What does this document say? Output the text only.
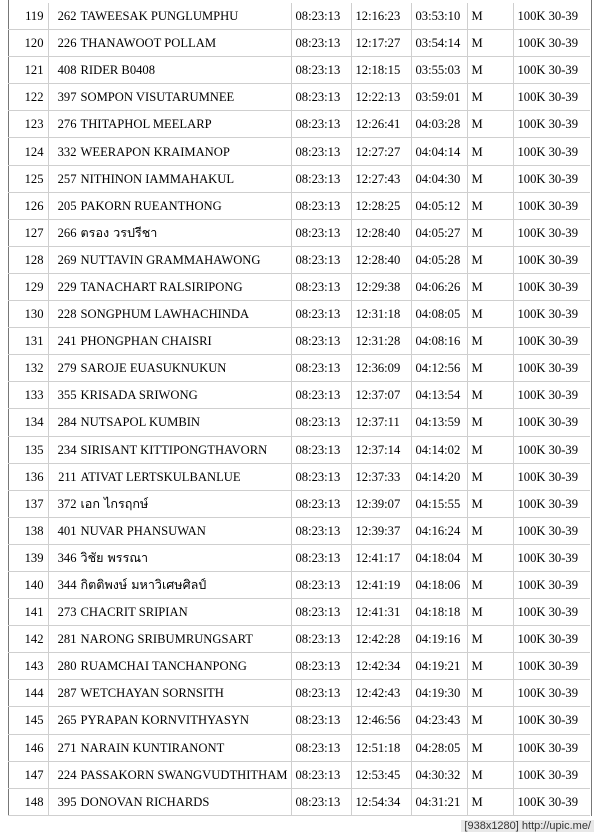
119	262 TAWEESAK PUNGLUMPHU	08:23:13	12:16:23	03:53:10	M	100K 30-39
120	226 THANAWOOT POLLAM	08:23:13	12:17:27	03:54:14	M	100K 30-39
121	408 RIDER B0408	08:23:13	12:18:15	03:55:03	M	100K 30-39
122	397 SOMPON VISUTARUMNEE	08:23:13	12:22:13	03:59:01	M	100K 30-39
123	276 THITAPHOL MEELARP	08:23:13	12:26:41	04:03:28	M	100K 30-39
124	332 WEERAPON KRAIMANOP	08:23:13	12:27:27	04:04:14	M	100K 30-39
125	257 NITHINON IAMMAHAKUL	08:23:13	12:27:43	04:04:30	M	100K 30-39
126	205 PAKORN RUEANTHONG	08:23:13	12:28:25	04:05:12	M	100K 30-39
127	266 ตรอง วรปรีชา	08:23:13	12:28:40	04:05:27	M	100K 30-39
128	269 NUTTAVIN GRAMMAHAWONG	08:23:13	12:28:40	04:05:28	M	100K 30-39
129	229 TANACHART RALSIRIPONG	08:23:13	12:29:38	04:06:26	M	100K 30-39
130	228 SONGPHUM LAWHACHINDA	08:23:13	12:31:18	04:08:05	M	100K 30-39
131	241 PHONGPHAN CHAISRI	08:23:13	12:31:28	04:08:16	M	100K 30-39
132	279 SAROJE EUASUKNUKUN	08:23:13	12:36:09	04:12:56	M	100K 30-39
133	355 KRISADA SRIWONG	08:23:13	12:37:07	04:13:54	M	100K 30-39
134	284 NUTSAPOL KUMBIN	08:23:13	12:37:11	04:13:59	M	100K 30-39
135	234 SIRISANT KITTIPONGTHAVORN	08:23:13	12:37:14	04:14:02	M	100K 30-39
136	211 ATIVAT LERTSKULBANLUE	08:23:13	12:37:33	04:14:20	M	100K 30-39
137	372 เอก ไกรฤกษ์	08:23:13	12:39:07	04:15:55	M	100K 30-39
138	401 NUVAR PHANSUWAN	08:23:13	12:39:37	04:16:24	M	100K 30-39
139	346 วิชัย พรรณา	08:23:13	12:41:17	04:18:04	M	100K 30-39
140	344 กิตติพงษ์ มหาวิเศษศิลป์	08:23:13	12:41:19	04:18:06	M	100K 30-39
141	273 CHACRIT SRIPIAN	08:23:13	12:41:31	04:18:18	M	100K 30-39
142	281 NARONG SRIBUMRUNGSART	08:23:13	12:42:28	04:19:16	M	100K 30-39
143	280 RUAMCHAI TANCHANPONG	08:23:13	12:42:34	04:19:21	M	100K 30-39
144	287 WETCHAYAN SORNSITH	08:23:13	12:42:43	04:19:30	M	100K 30-39
145	265 PYRAPAN KORNVITHYASYN	08:23:13	12:46:56	04:23:43	M	100K 30-39
146	271 NARAIN KUNTIRANONT	08:23:13	12:51:18	04:28:05	M	100K 30-39
147	224 PASSAKORN SWANGVUDTHITHAM	08:23:13	12:53:45	04:30:32	M	100K 30-39
148	395 DONOVAN RICHARDS	08:23:13	12:54:34	04:31:21	M	100K 30-39
[938x1280] http://upic.me/
